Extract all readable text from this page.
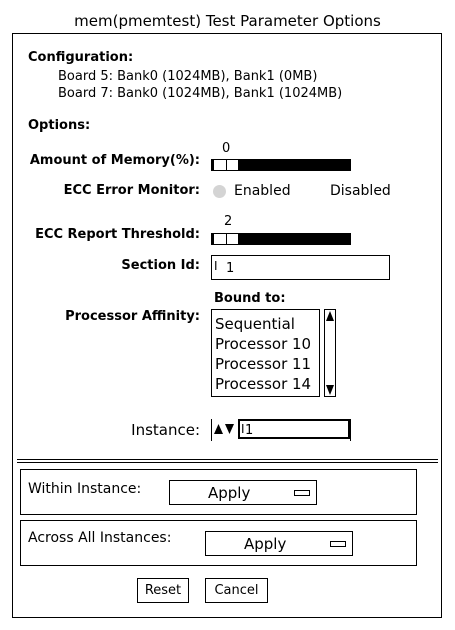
mem(pmemtest) Test Parameter Options
Configuration:
Board 5: Bank0 (1024MB), Bank1 (0MB)
Board 7: Bank0 (1024MB), Bank1 (1024MB)
Options:
Amount of Memory(%):
0
ECC Error Monitor: Enabled	Disabled
ECC Report Threshold:
2
Section Id: I 1
Bound to:
Processor Affinity: Sequential
Processor 10
Processor 11
Processor 14
Instance:	I 1
Within Instance:	Apply
Across All Instances:	Apply
Reset	Cancel
